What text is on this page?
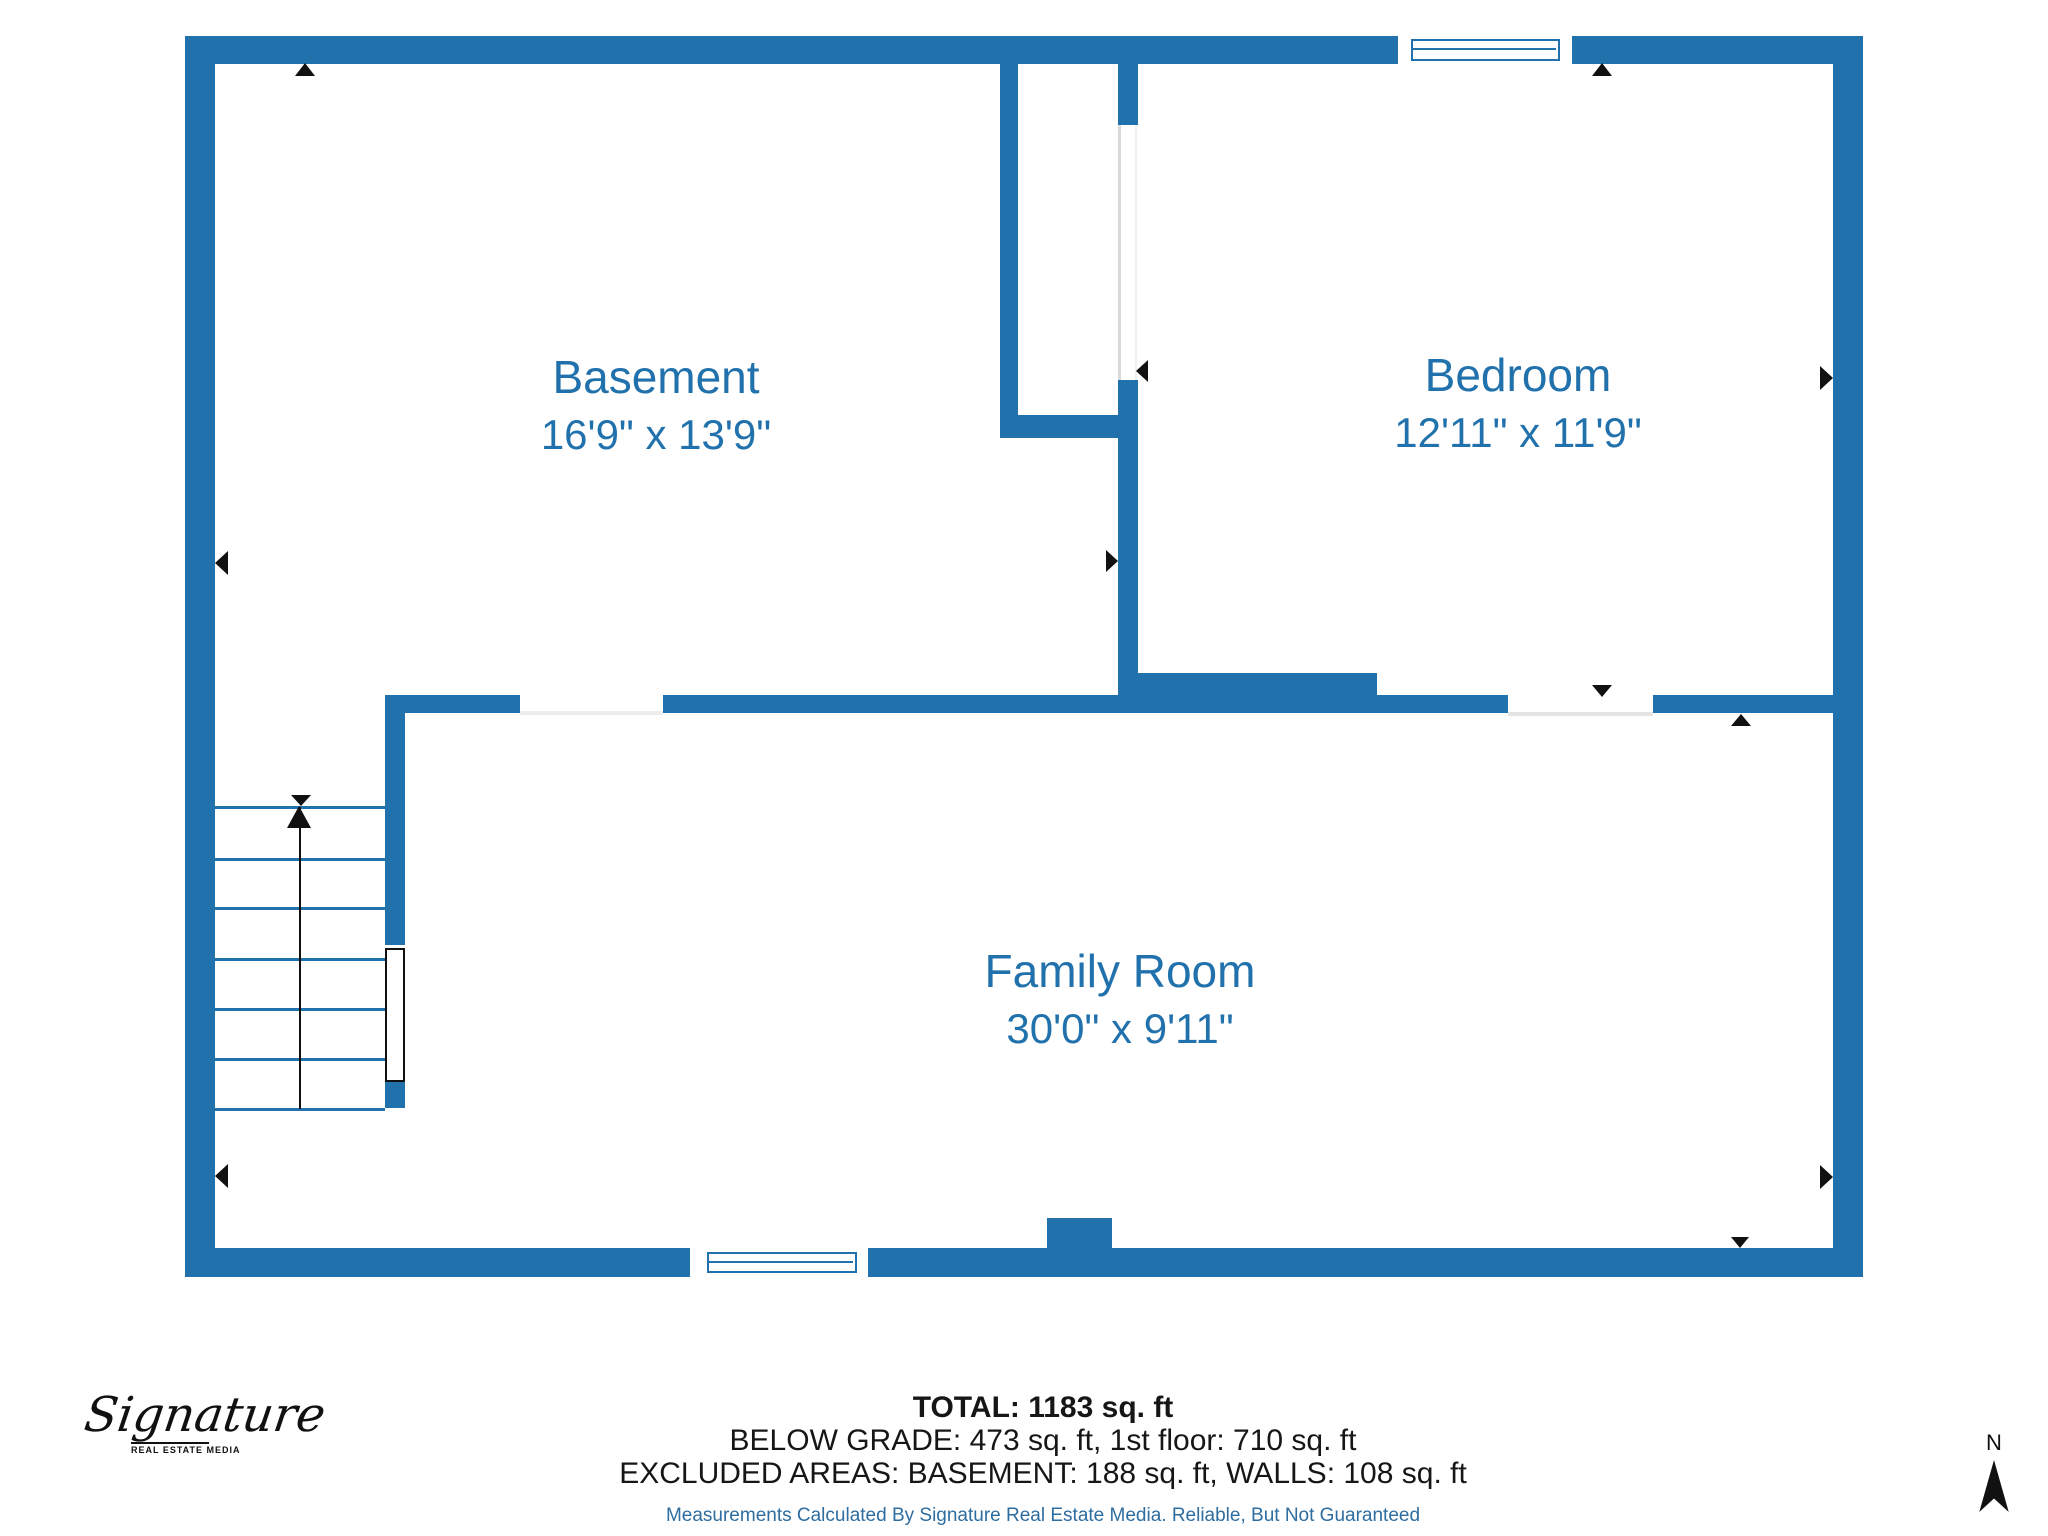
Basement
16'9" x 13'9"
Bedroom
12'11" x 11'9"
Family Room
30'0" x 9'11"
TOTAL: 1183 sq. ft
BELOW GRADE: 473 sq. ft, 1st floor: 710 sq. ft
EXCLUDED AREAS: BASEMENT: 188 sq. ft, WALLS: 108 sq. ft
Measurements Calculated By Signature Real Estate Media. Reliable, But Not Guaranteed
Signature
REAL ESTATE MEDIA	N
